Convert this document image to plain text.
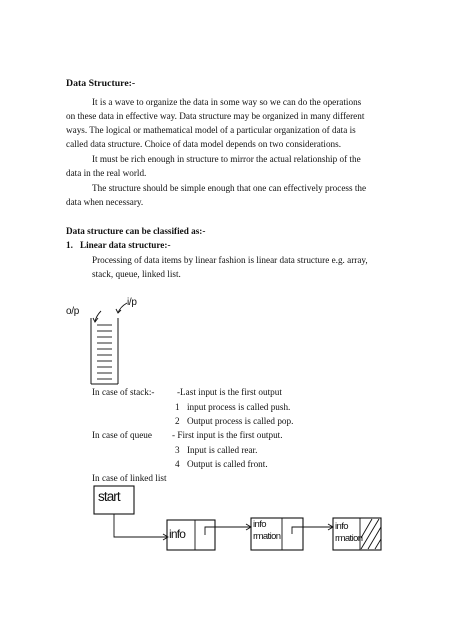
Data Structure:-
It is a wave to organize the data in some way so we can do the operations
on these data in effective way. Data structure may be organized in many different
ways. The logical or mathematical model of a particular organization of data is
called data structure. Choice of data model depends on two considerations.
It must be rich enough in structure to mirror the actual relationship of the
data in the real world.
The structure should be simple enough that one can effectively process the
data when necessary.
Data structure can be classified as:-
1. Linear data structure:-
Processing of data items by linear fashion is linear data structure e.g. array,
stack, queue, linked list.
o/p
i/p
In case of stack:- -Last input is the first output
1 input process is called push.
2 Output process is called pop.
In case of queue - First input is the first output.
3 Input is called rear.
4 Output is called front.
In case of linked list
start
info
info
rmation
info
rmation
